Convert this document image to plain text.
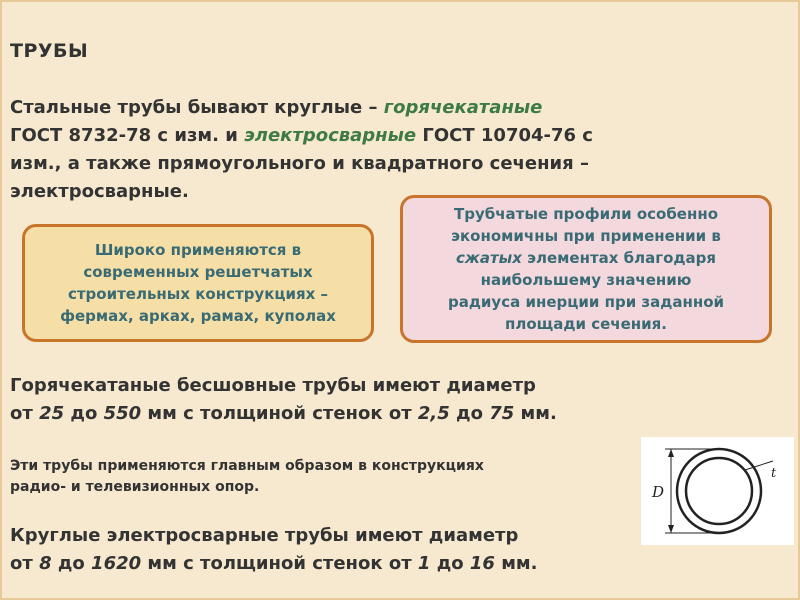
ТРУБЫ
Стальные трубы бывают круглые – горячекатаные
ГОСТ 8732-78 с изм. и электросварные ГОСТ 10704-76 с
изм., а также прямоугольного и квадратного сечения –
электросварные.
Широко применяются в
современных решетчатых
строительных конструкциях –
фермах, арках, рамах, куполах
Трубчатые профили особенно
экономичны при применении в
сжатых элементах благодаря
наибольшему значению
радиуса инерции при заданной
площади сечения.
Горячекатаные бесшовные трубы имеют диаметр
от 25 до 550 мм с толщиной стенок от 2,5 до 75 мм.
Эти трубы применяются главным образом в конструкциях
радио- и телевизионных опор.
Круглые электросварные трубы имеют диаметр
от 8 до 1620 мм с толщиной стенок от 1 до 16 мм.
D
t
